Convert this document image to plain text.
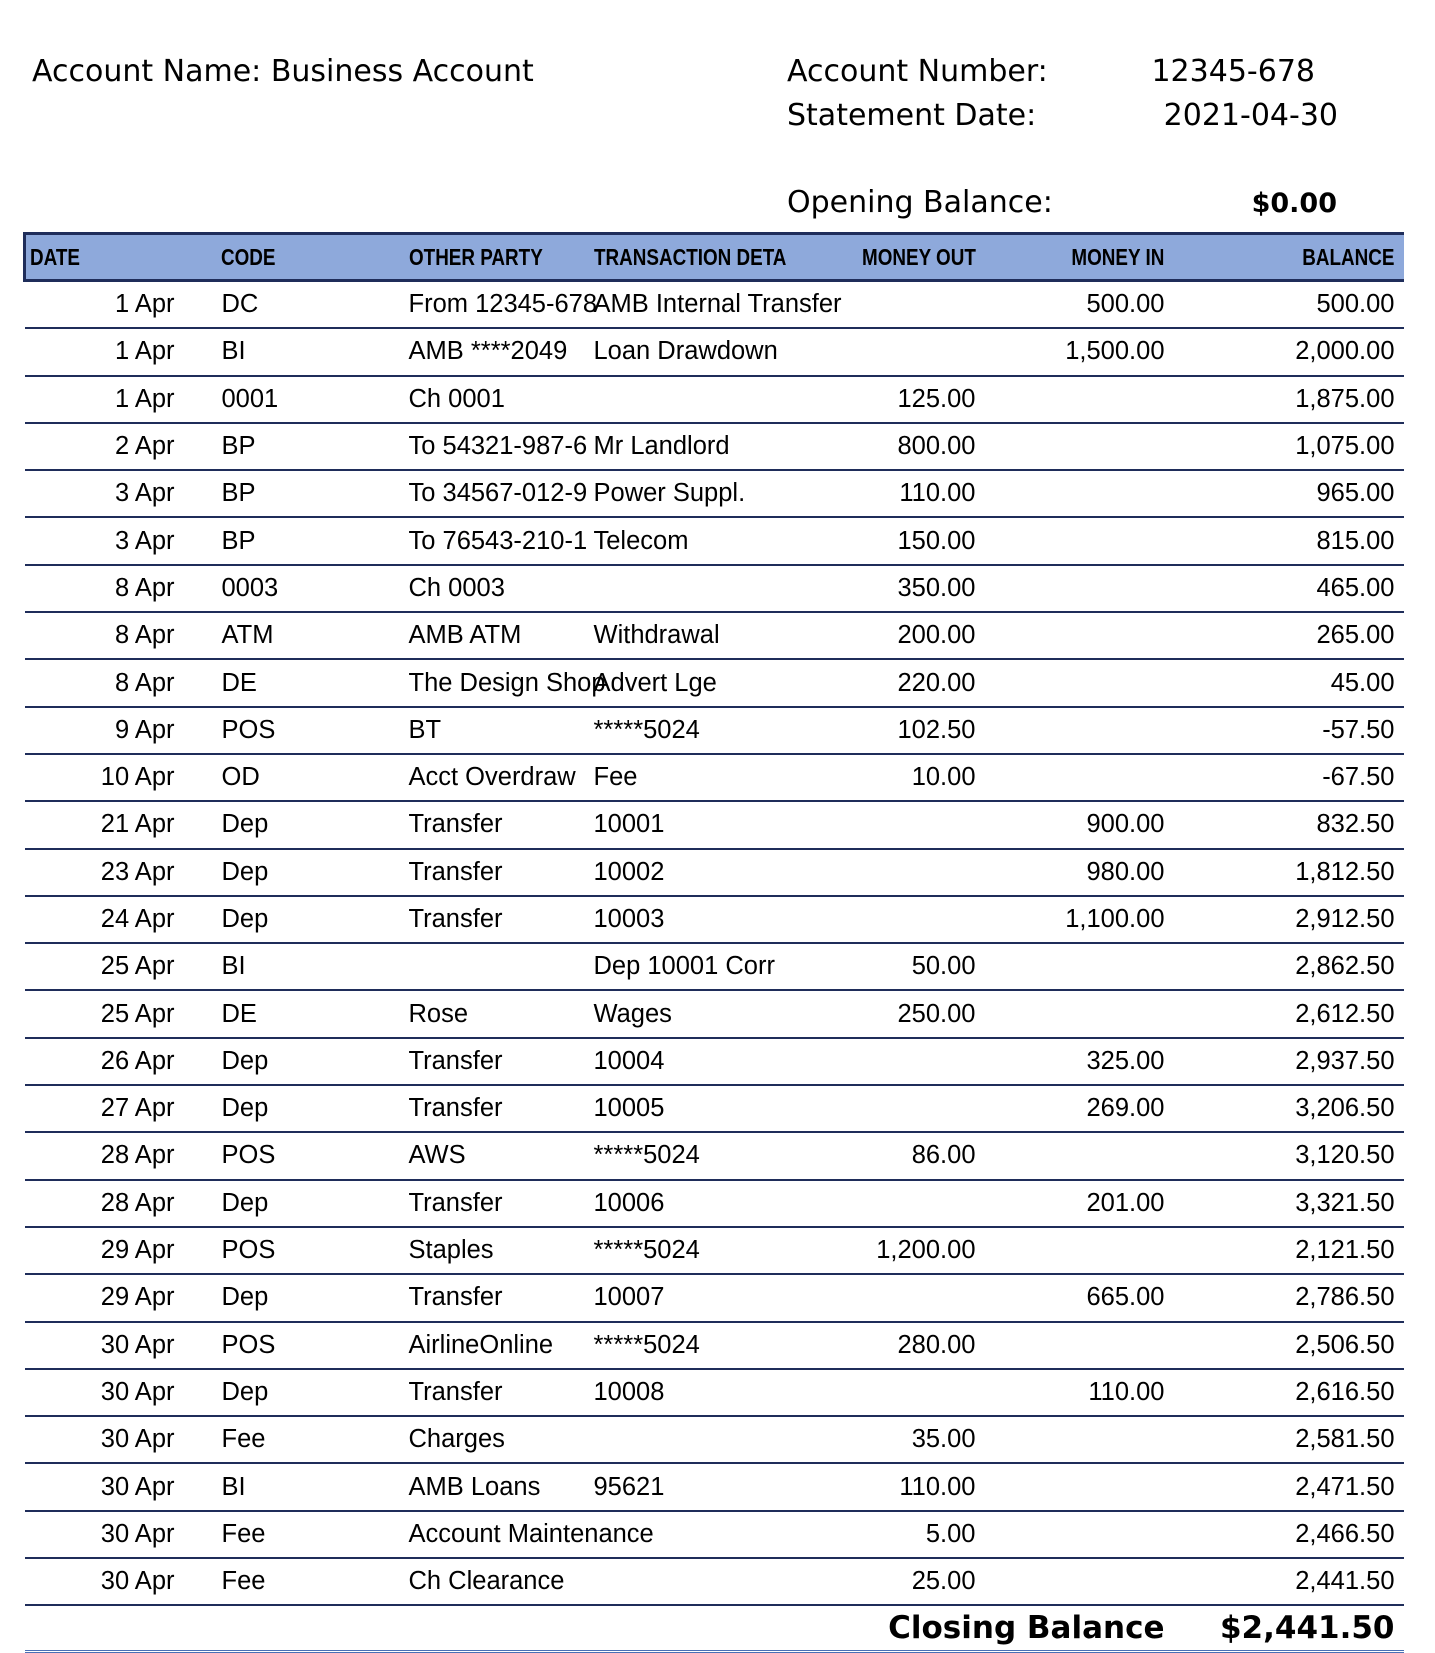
Account Name: Business Account	Account Number:	12345-678
Statement Date:	2021-04-30
Opening Balance:	$0.00
DATE	CODE	OTHER PARTY	TRANSACTION DETA	MONEY OUT	MONEY IN	BALANCE
1 Apr	DC	From 12345-678	AMB Internal Transfer		500.00	500.00
1 Apr	BI	AMB ****2049	Loan Drawdown		1,500.00	2,000.00
1 Apr	0001	Ch 0001		125.00		1,875.00
2 Apr	BP	To 54321-987-6	Mr Landlord	800.00		1,075.00
3 Apr	BP	To 34567-012-9	Power Suppl.	110.00		965.00
3 Apr	BP	To 76543-210-1	Telecom	150.00		815.00
8 Apr	0003	Ch 0003		350.00		465.00
8 Apr	ATM	AMB ATM	Withdrawal	200.00		265.00
8 Apr	DE	The Design Shop	Advert Lge	220.00		45.00
9 Apr	POS	BT	*****5024	102.50		-57.50
10 Apr	OD	Acct Overdraw	Fee	10.00		-67.50
21 Apr	Dep	Transfer	10001		900.00	832.50
23 Apr	Dep	Transfer	10002		980.00	1,812.50
24 Apr	Dep	Transfer	10003		1,100.00	2,912.50
25 Apr	BI		Dep 10001 Corr	50.00		2,862.50
25 Apr	DE	Rose	Wages	250.00		2,612.50
26 Apr	Dep	Transfer	10004		325.00	2,937.50
27 Apr	Dep	Transfer	10005		269.00	3,206.50
28 Apr	POS	AWS	*****5024	86.00		3,120.50
28 Apr	Dep	Transfer	10006		201.00	3,321.50
29 Apr	POS	Staples	*****5024	1,200.00		2,121.50
29 Apr	Dep	Transfer	10007		665.00	2,786.50
30 Apr	POS	AirlineOnline	*****5024	280.00		2,506.50
30 Apr	Dep	Transfer	10008		110.00	2,616.50
30 Apr	Fee	Charges		35.00		2,581.50
30 Apr	BI	AMB Loans	95621	110.00		2,471.50
30 Apr	Fee	Account Maintenance		5.00		2,466.50
30 Apr	Fee	Ch Clearance		25.00		2,441.50
Closing Balance						$2,441.50
